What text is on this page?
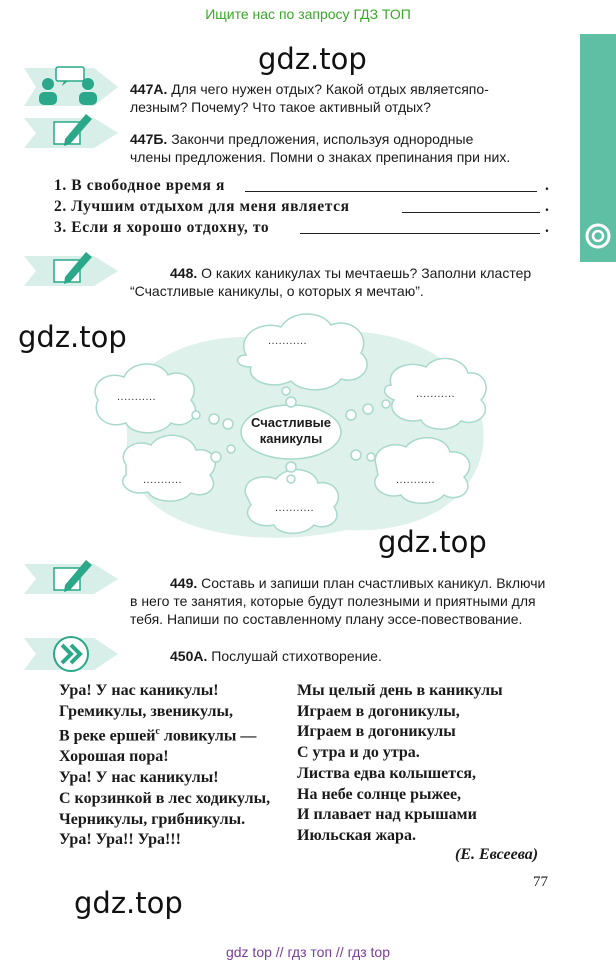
Ищите нас по запросу ГДЗ ТОП
gdz.top
gdz.top
gdz.top
gdz.top
447А. Для чего нужен отдых? Какой отдых являетсяпо-
лезным? Почему? Что такое активный отдых?
447Б. Закончи предложения, используя однородные
члены предложения. Помни о знаках препинания при них.
1. В свободное время я	.
2. Лучшим отдыхом для меня является	.
3. Если я хорошо отдохну, то	.
448. О каких каникулах ты мечтаешь? Заполни кластер
“Счастливые каникулы, о которых я мечтаю”.
...........
...........	...........
...........	...........
...........
Счастливые
каникулы
449. Составь и запиши план счастливых каникул. Включи
в него те занятия, которые будут полезными и приятными для
тебя. Напиши по составленному плану эссе-повествование.
450А. Послушай стихотворение.
Ура! У нас каникулы!
Гремикулы, звеникулы,
В реке ершей$^с$ ловикулы —
Хорошая пора!
Ура! У нас каникулы!
С корзинкой в лес ходикулы,
Черникулы, грибникулы.
Ура! Ура!! Ура!!!
Мы целый день в каникулы
Играем в догоникулы,
Играем в догоникулы
С утра и до утра.
Листва едва колышется,
На небе солнце рыжее,
И плавает над крышами
Июльская жара.
(Е. Евсеева)
77
gdz top // гдз топ // гдз top
